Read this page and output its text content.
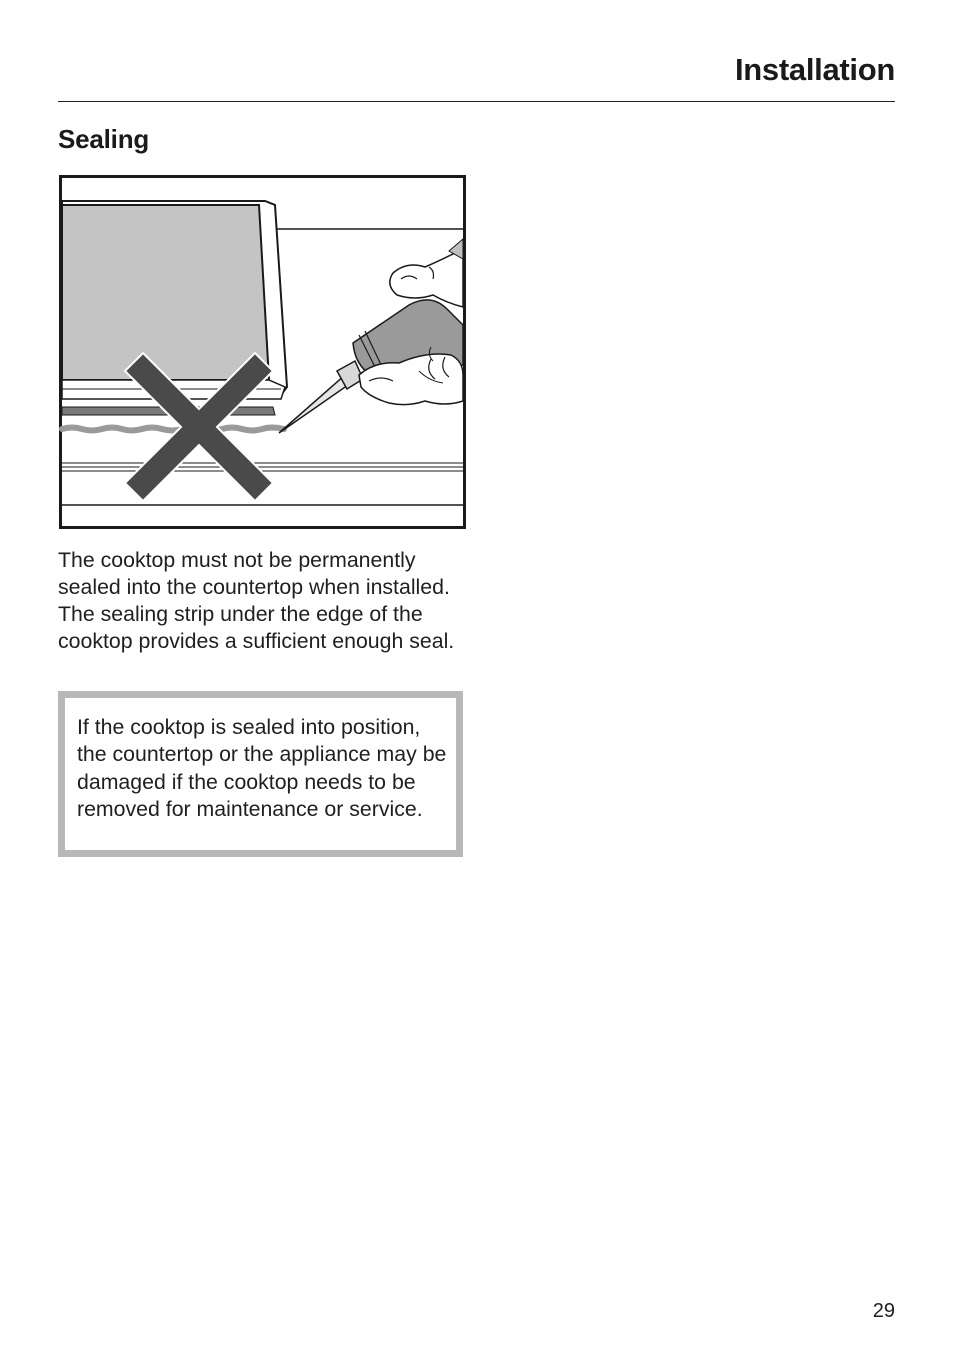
Installation
Sealing

The cooktop must not be permanently sealed into the countertop when installed. The sealing strip under the edge of the cooktop provides a sufficient enough seal.

If the cooktop is sealed into position, the countertop or the appliance may be damaged if the cooktop needs to be removed for maintenance or service.

29
